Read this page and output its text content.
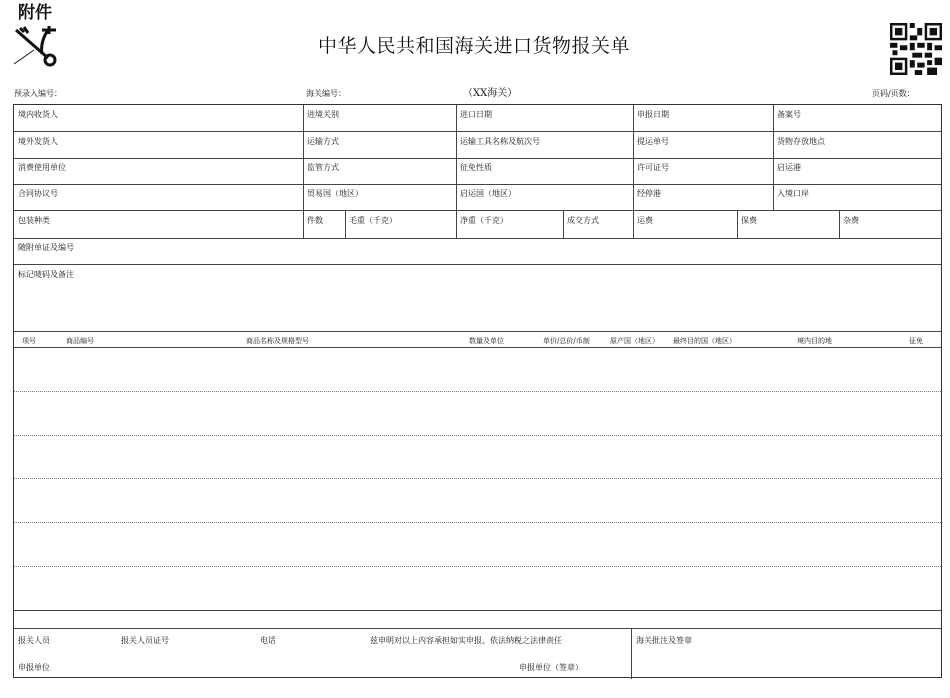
附件
中华人民共和国海关进口货物报关单
预录入编号：	海关编号：	（XX海关）	页码/页数：
境内收货人	进境关别	进口日期	申报日期	备案号
境外发货人	运输方式	运输工具名称及航次号	提运单号	货物存放地点
消费使用单位	监管方式	征免性质	许可证号	启运港
合同协议号	贸易国（地区）	启运国（地区）	经停港	入境口岸
包装种类	件数	毛重（千克）	净重（千克）	成交方式	运费	保费	杂费
随附单证及编号
标记唛码及备注
项号	商品编号	商品名称及规格型号	数量及单位	单价/总价/币制	原产国（地区） 最终目的国（地区）	境内目的地	征免
报关人员	报关人员证号	电话	兹申明对以上内容承担如实申报、依法纳税之法律责任	海关批注及签章
申报单位	申报单位（签章）
